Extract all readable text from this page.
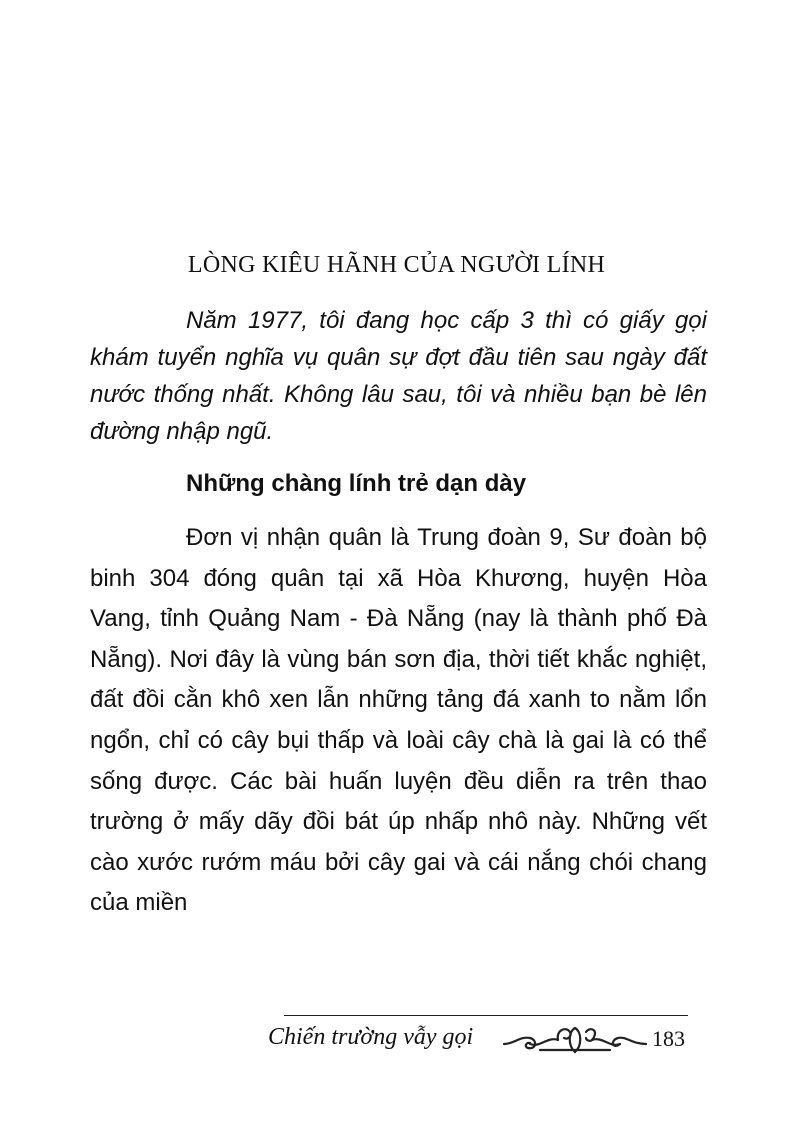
LÒNG KIÊU HÃNH CỦA NGƯỜI LÍNH

Năm 1977, tôi đang học cấp 3 thì có giấy gọi khám tuyển nghĩa vụ quân sự đợt đầu tiên sau ngày đất nước thống nhất. Không lâu sau, tôi và nhiều bạn bè lên đường nhập ngũ.

Những chàng lính trẻ dạn dày

Đơn vị nhận quân là Trung đoàn 9, Sư đoàn bộ binh 304 đóng quân tại xã Hòa Khương, huyện Hòa Vang, tỉnh Quảng Nam - Đà Nẵng (nay là thành phố Đà Nẵng). Nơi đây là vùng bán sơn địa, thời tiết khắc nghiệt, đất đồi cằn khô xen lẫn những tảng đá xanh to nằm lổn ngổn, chỉ có cây bụi thấp và loài cây chà là gai là có thể sống được. Các bài huấn luyện đều diễn ra trên thao trường ở mấy dãy đồi bát úp nhấp nhô này. Những vết cào xước rướm máu bởi cây gai và cái nắng chói chang của miền

Chiến trường vẫy gọi	183
